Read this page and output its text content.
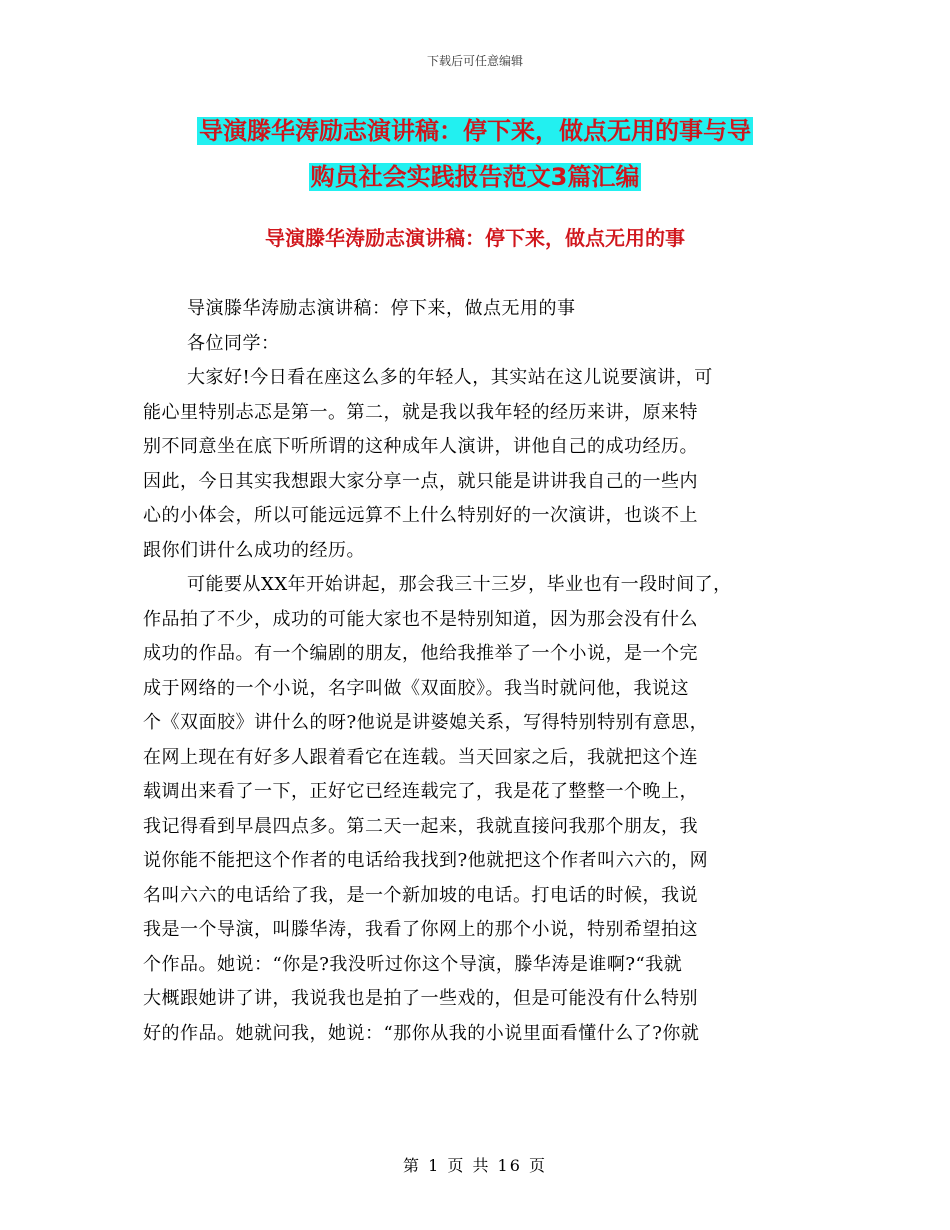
下载后可任意编辑
导演滕华涛励志演讲稿：停下来，做点无用的事与导
购员社会实践报告范文3篇汇编
导演滕华涛励志演讲稿：停下来，做点无用的事
导演滕华涛励志演讲稿：停下来，做点无用的事
各位同学：
大家好!今日看在座这么多的年轻人，其实站在这儿说要演讲，可
能心里特别忐忑是第一。第二，就是我以我年轻的经历来讲，原来特
别不同意坐在底下听所谓的这种成年人演讲，讲他自己的成功经历。
因此，今日其实我想跟大家分享一点，就只能是讲讲我自己的一些内
心的小体会，所以可能远远算不上什么特别好的一次演讲，也谈不上
跟你们讲什么成功的经历。
可能要从XX年开始讲起，那会我三十三岁，毕业也有一段时间了，
作品拍了不少，成功的可能大家也不是特别知道，因为那会没有什么
成功的作品。有一个编剧的朋友，他给我推举了一个小说，是一个完
成于网络的一个小说，名字叫做《双面胶》。我当时就问他，我说这
个《双面胶》讲什么的呀?他说是讲婆媳关系，写得特别特别有意思，
在网上现在有好多人跟着看它在连载。当天回家之后，我就把这个连
载调出来看了一下，正好它已经连载完了，我是花了整整一个晚上，
我记得看到早晨四点多。第二天一起来，我就直接问我那个朋友，我
说你能不能把这个作者的电话给我找到?他就把这个作者叫六六的，网
名叫六六的电话给了我，是一个新加坡的电话。打电话的时候，我说
我是一个导演，叫滕华涛，我看了你网上的那个小说，特别希望拍这
个作品。她说：“你是?我没听过你这个导演，滕华涛是谁啊?“我就
大概跟她讲了讲，我说我也是拍了一些戏的，但是可能没有什么特别
好的作品。她就问我，她说：“那你从我的小说里面看懂什么了?你就
第 1 页 共 16 页
